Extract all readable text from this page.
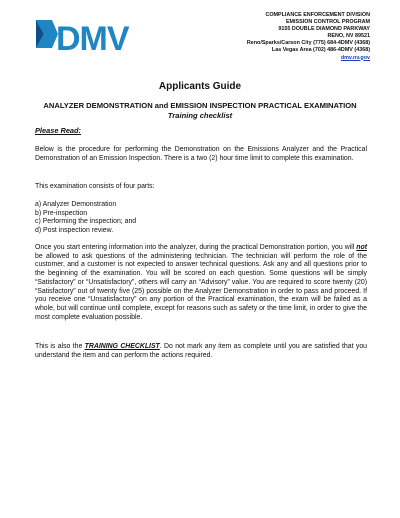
DMV
COMPLIANCE ENFORCEMENT DIVISION
EMISSION CONTROL PROGRAM
9155 DOUBLE DIAMOND PARKWAY
RENO, NV 89521
Reno/Sparks/Carson City (775) 684-4DMV (4368)
Las Vegas Area (702) 486-4DMV (4368)
dmv.nv.gov
Applicants Guide
ANALYZER DEMONSTRATION and EMISSION INSPECTION PRACTICAL EXAMINATION
Training checklist
Please Read:
Below is the procedure for performing the Demonstration on the Emissions Analyzer and the Practical Demonstration of an Emission Inspection. There is a two (2) hour time limit to complete this examination.
This examination consists of four parts:
a) Analyzer Demonstration
b) Pre-inspection
c) Performing the inspection; and
d) Post inspection review.
Once you start entering information into the analyzer, during the practical Demonstration portion, you will not be allowed to ask questions of the administering technician. The technician will perform the role of the customer, and a customer is not expected to answer technical questions. Ask any and all questions prior to the beginning of the examination. You will be scored on each question. Some questions will be simply “Satisfactory” or “Unsatisfactory”, others will carry an “Advisory” value. You are required to score twenty (20) “Satisfactory” out of twenty five (25) possible on the Analyzer Demonstration in order to pass and proceed. If you receive one “Unsatisfactory” on any portion of the Practical examination, the exam will be failed as a whole, but will continue until complete, except for reasons such as safety or the time limit, in order to give the most complete evaluation possible.
This is also the TRAINING CHECKLIST. Do not mark any item as complete until you are satisfied that you understand the item and can perform the actions required.
